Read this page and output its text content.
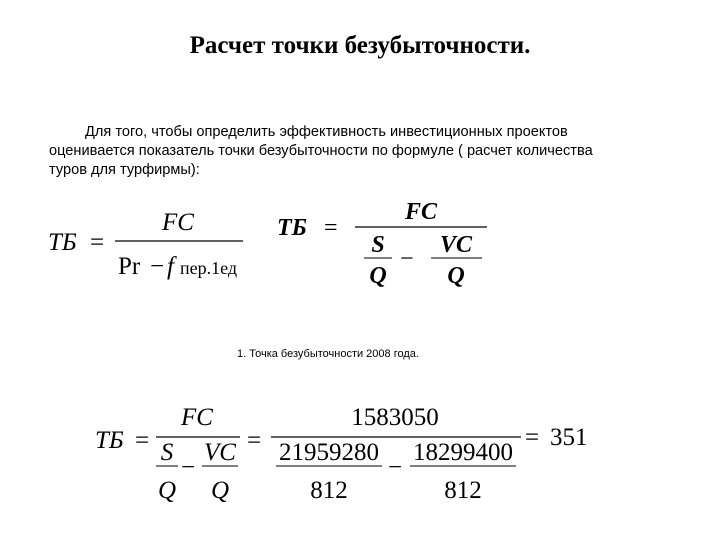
Расчет точки безубыточности.
Для того, чтобы определить эффективность инвестиционных проектов
оценивается показатель точки безубыточности по формуле ( расчет количества
туров для турфирмы):
1. Точка безубыточности 2008 года.
ТБ =
FC
Pr − f пер.1ед
ТБ =
FC
S
Q
−
VC
Q
ТБ =
FC
S
Q
−
VC
Q
=
1583050
21959280
812
−
18299400
812
= 351
